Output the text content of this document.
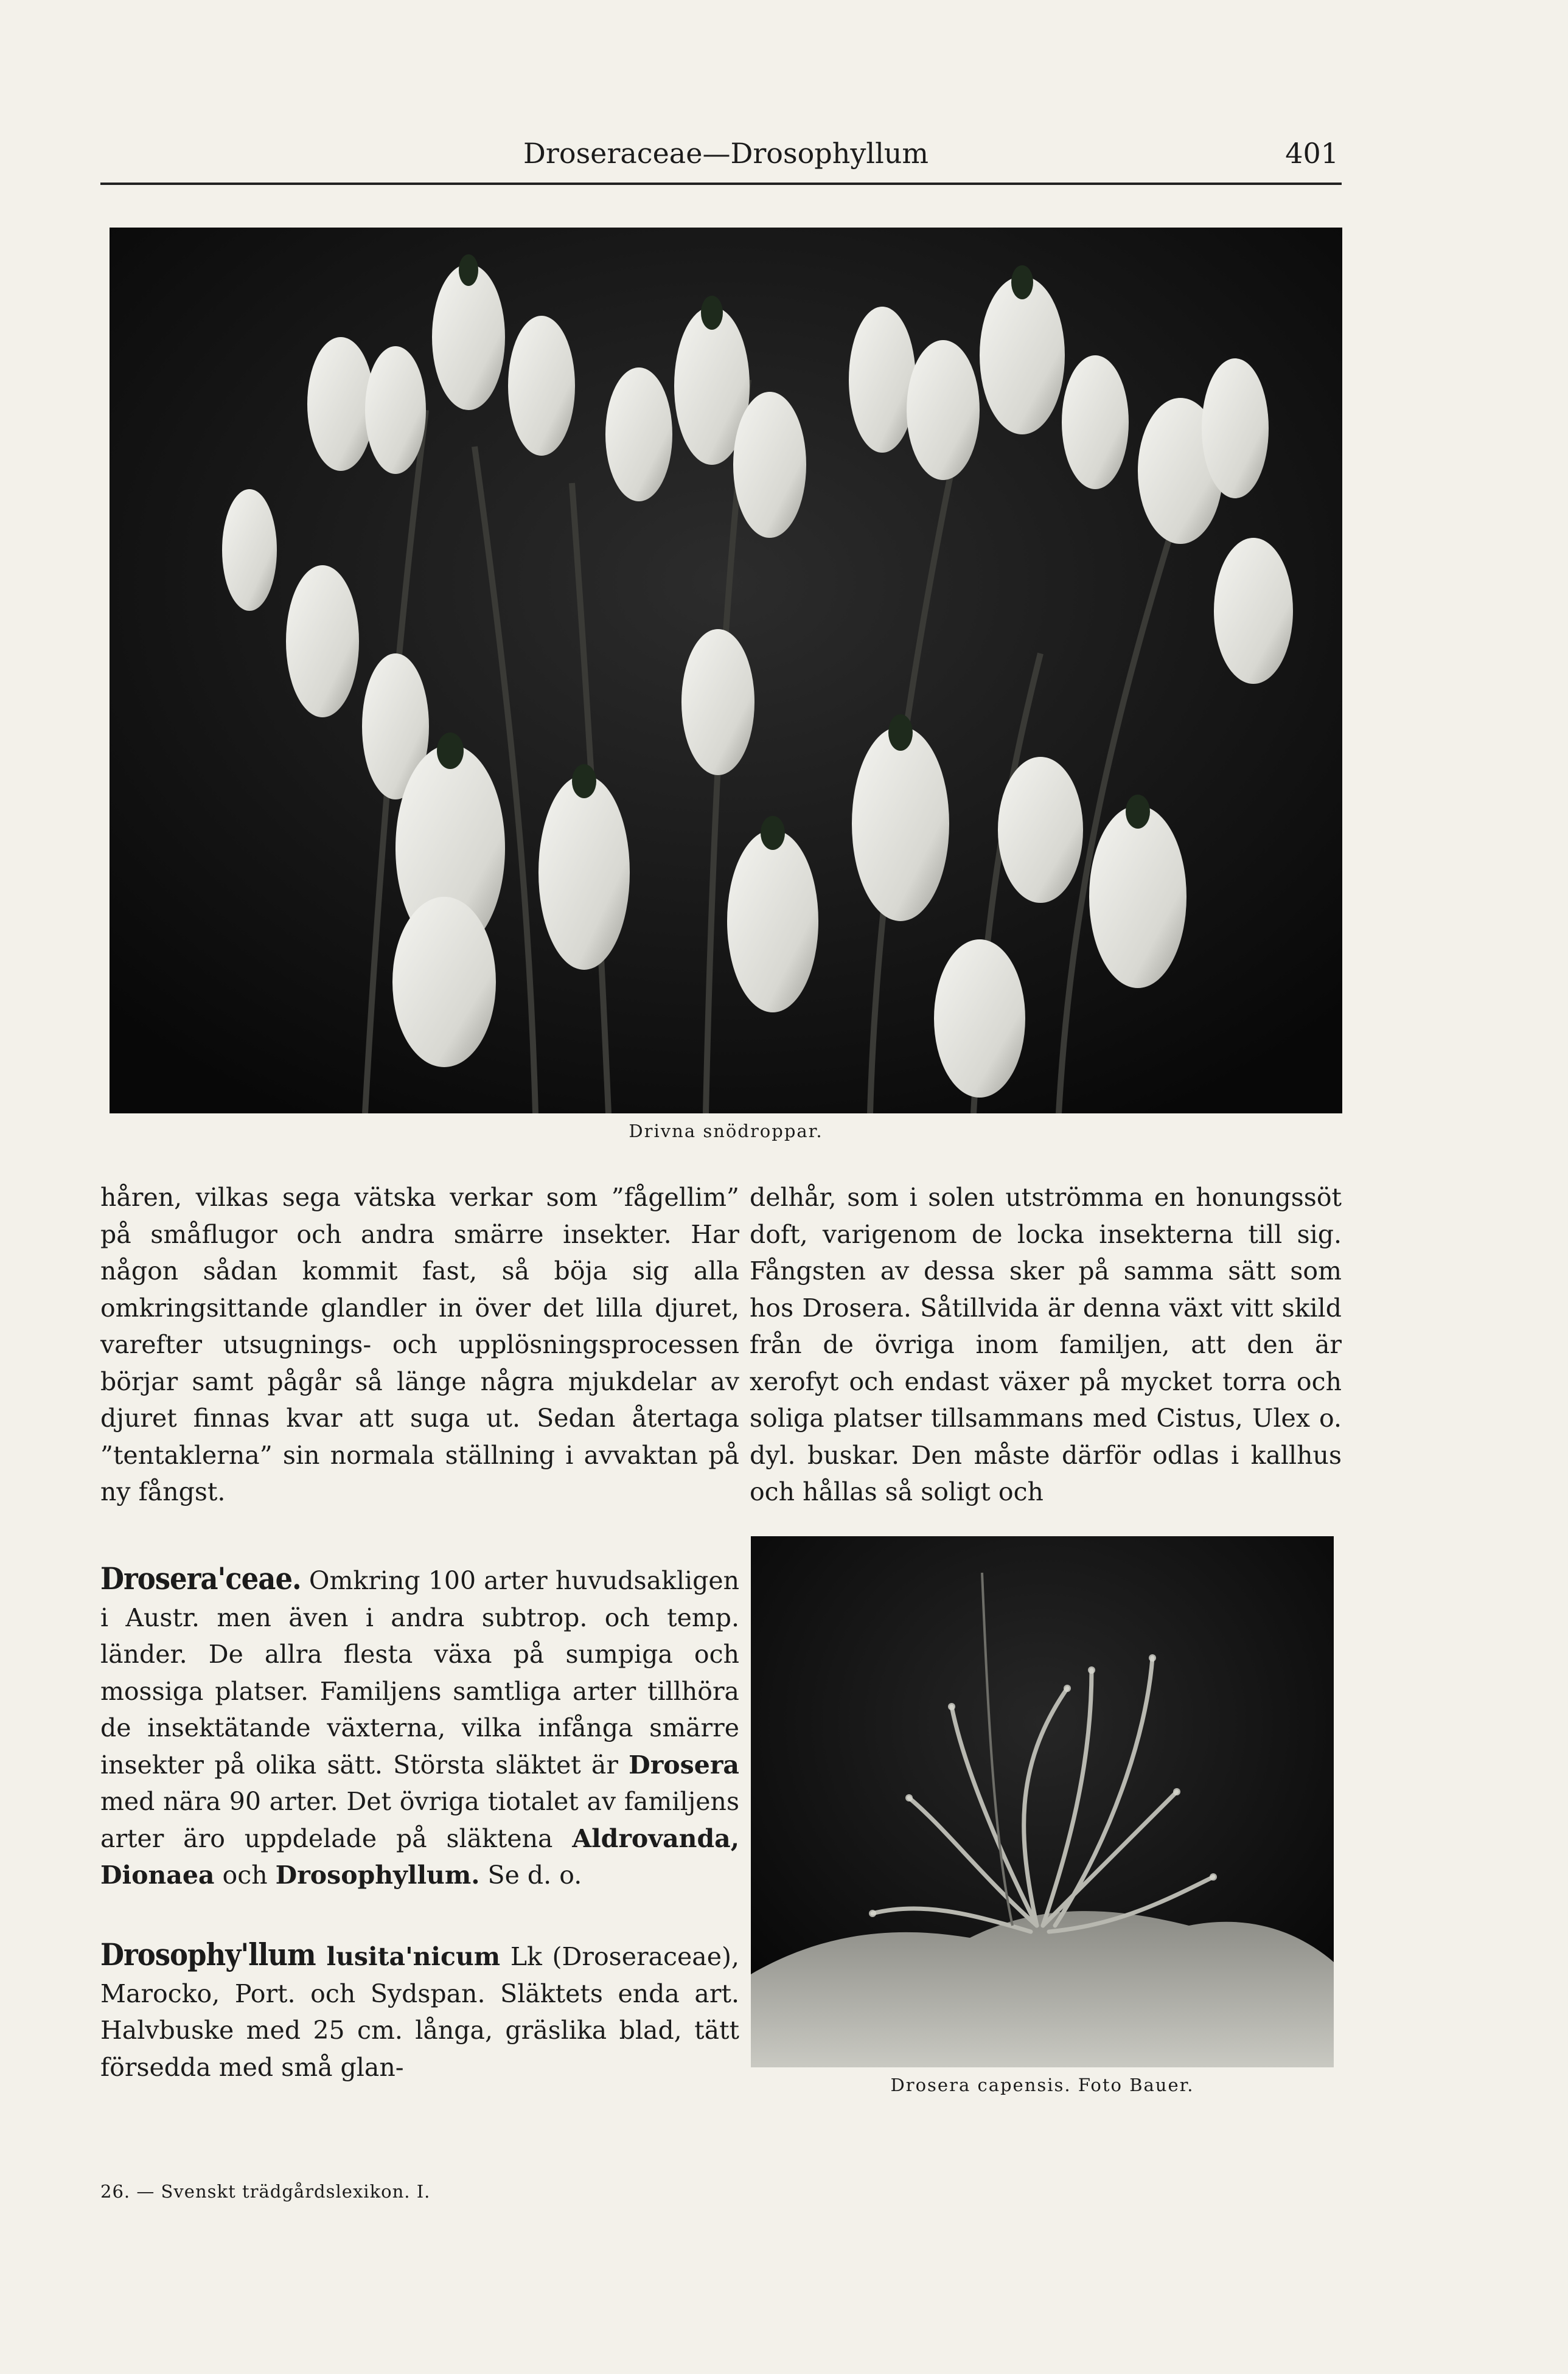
Droseraceae—Drosophyllum	401
Drivna snödroppar.

håren, vilkas sega vätska verkar som ”fågellim” på småflugor och andra smärre insekter. Har någon sådan kommit fast, så böja sig alla omkringsittande glandler in över det lilla djuret, varefter utsugnings- och upplösningsprocessen börjar samt pågår så länge några mjukdelar av djuret finnas kvar att suga ut. Sedan återtaga ”tentaklerna” sin normala ställning i avvaktan på ny fångst.

delhår, som i solen utströmma en honungssöt doft, varigenom de locka insekterna till sig. Fångsten av dessa sker på samma sätt som hos Drosera. Såtillvida är denna växt vitt skild från de övriga inom familjen, att den är xerofyt och endast växer på mycket torra och soliga platser tillsammans med Cistus, Ulex o. dyl. buskar. Den måste därför odlas i kallhus och hållas så soligt och

Drosera'ceae. Omkring 100 arter huvudsakligen i Austr. men även i andra subtrop. och temp. länder. De allra flesta växa på sumpiga och mossiga platser. Familjens samtliga arter tillhöra de insektätande växterna, vilka infånga smärre insekter på olika sätt. Största släktet är Drosera med nära 90 arter. Det övriga tiotalet av familjens arter äro uppdelade på släktena Aldrovanda, Dionaea och Drosophyllum. Se d. o.

Drosophy'llum lusita'nicum Lk (Droseraceae), Marocko, Port. och Sydspan. Släktets enda art. Halvbuske med 25 cm. långa, gräslika blad, tätt försedda med små glan-

Drosera capensis. Foto Bauer.
26. — Svenskt trädgårdslexikon. I.
